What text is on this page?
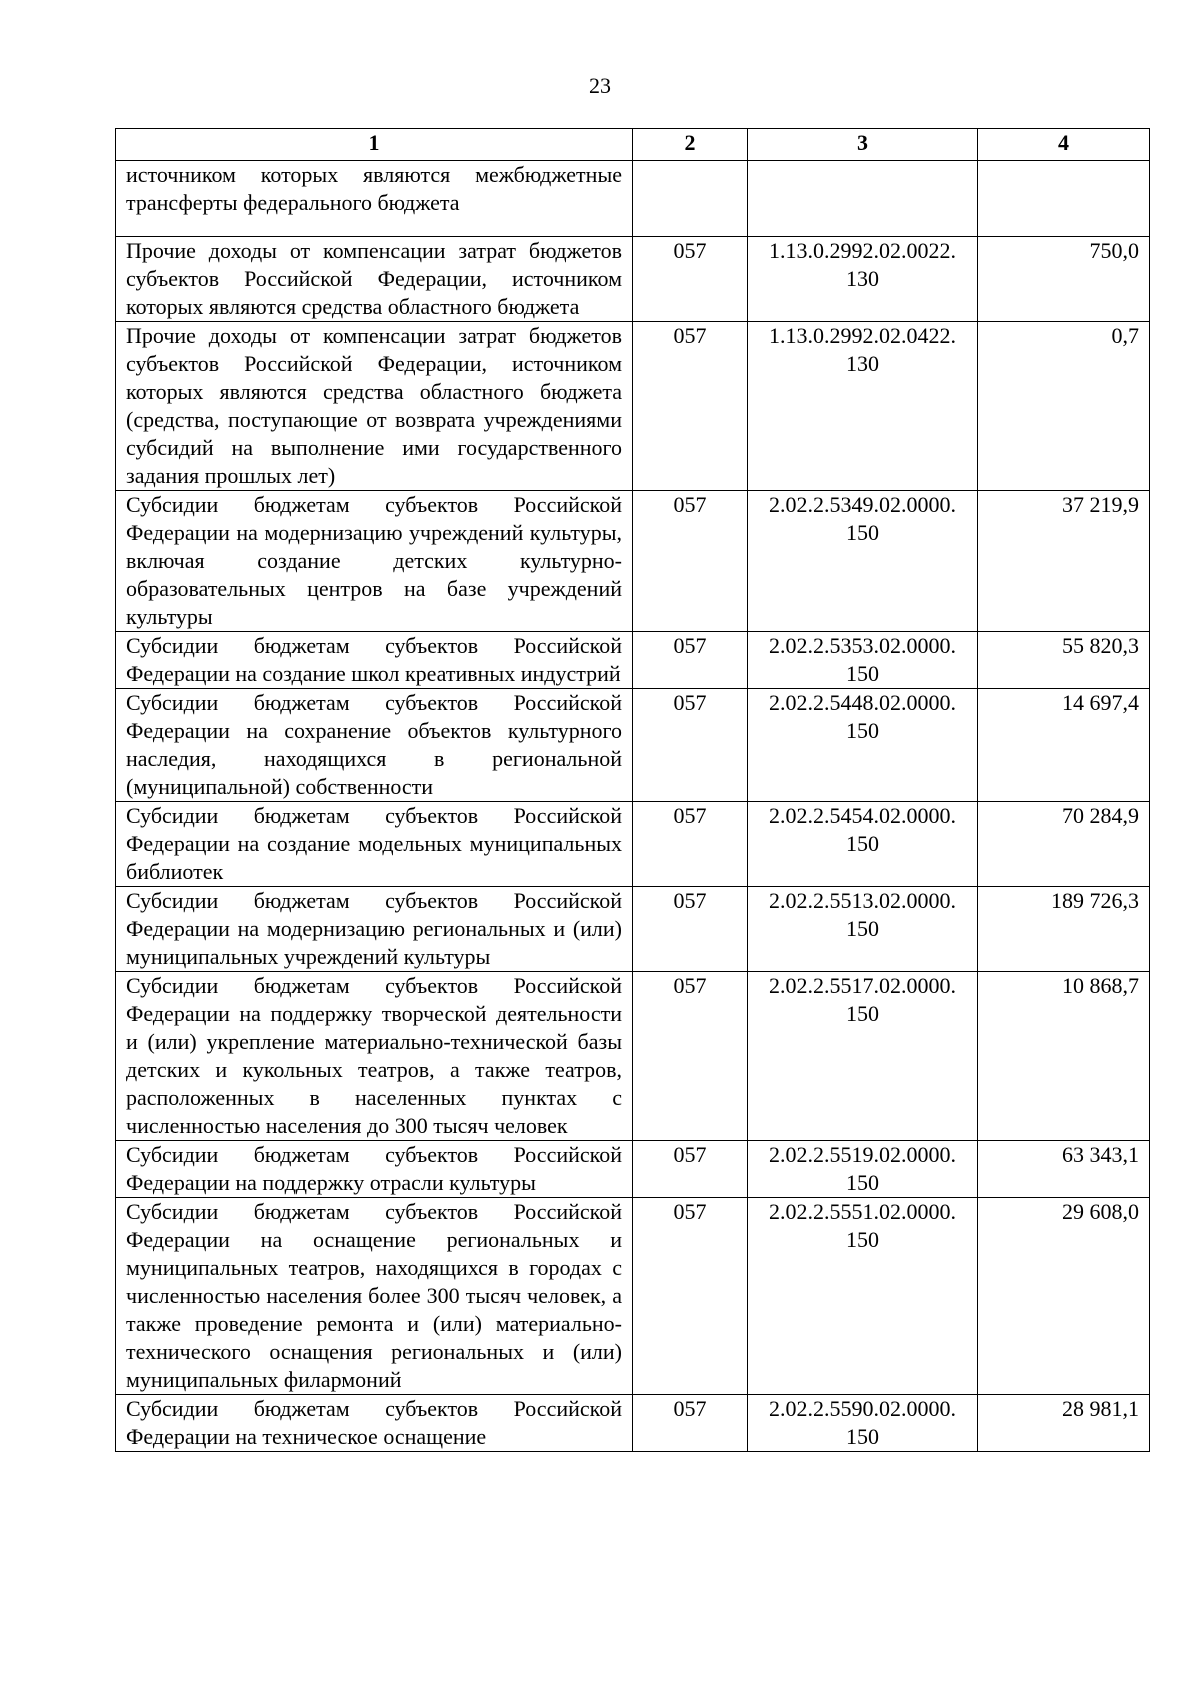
23
1	2	3	4
источником которых являются межбюджетные трансферты федерального бюджета			
Прочие доходы от компенсации затрат бюджетов субъектов Российской Федерации, источником которых являются средства областного бюджета	057	1.13.0.2992.02.0022. 130	750,0
Прочие доходы от компенсации затрат бюджетов субъектов Российской Федерации, источником которых являются средства областного бюджета (средства, поступающие от возврата учреждениями субсидий на выполнение ими государственного задания прошлых лет)	057	1.13.0.2992.02.0422. 130	0,7
Субсидии бюджетам субъектов Российской Федерации на модернизацию учреждений культуры, включая создание детских культурно-образовательных центров на базе учреждений культуры	057	2.02.2.5349.02.0000. 150	37 219,9
Субсидии бюджетам субъектов Российской Федерации на создание школ креативных индустрий	057	2.02.2.5353.02.0000. 150	55 820,3
Субсидии бюджетам субъектов Российской Федерации на сохранение объектов культурного наследия, находящихся в региональной (муниципальной) собственности	057	2.02.2.5448.02.0000. 150	14 697,4
Субсидии бюджетам субъектов Российской Федерации на создание модельных муниципальных библиотек	057	2.02.2.5454.02.0000. 150	70 284,9
Субсидии бюджетам субъектов Российской Федерации на модернизацию региональных и (или) муниципальных учреждений культуры	057	2.02.2.5513.02.0000. 150	189 726,3
Субсидии бюджетам субъектов Российской Федерации на поддержку творческой деятельности и (или) укрепление материально-технической базы детских и кукольных театров, а также театров, расположенных в населенных пунктах с численностью населения до 300 тысяч человек	057	2.02.2.5517.02.0000. 150	10 868,7
Субсидии бюджетам субъектов Российской Федерации на поддержку отрасли культуры	057	2.02.2.5519.02.0000. 150	63 343,1
Субсидии бюджетам субъектов Российской Федерации на оснащение региональных и муниципальных театров, находящихся в городах с численностью населения более 300 тысяч человек, а также проведение ремонта и (или) материально-технического оснащения региональных и (или) муниципальных филармоний	057	2.02.2.5551.02.0000. 150	29 608,0
Субсидии бюджетам субъектов Российской Федерации на техническое оснащение	057	2.02.2.5590.02.0000. 150	28 981,1
